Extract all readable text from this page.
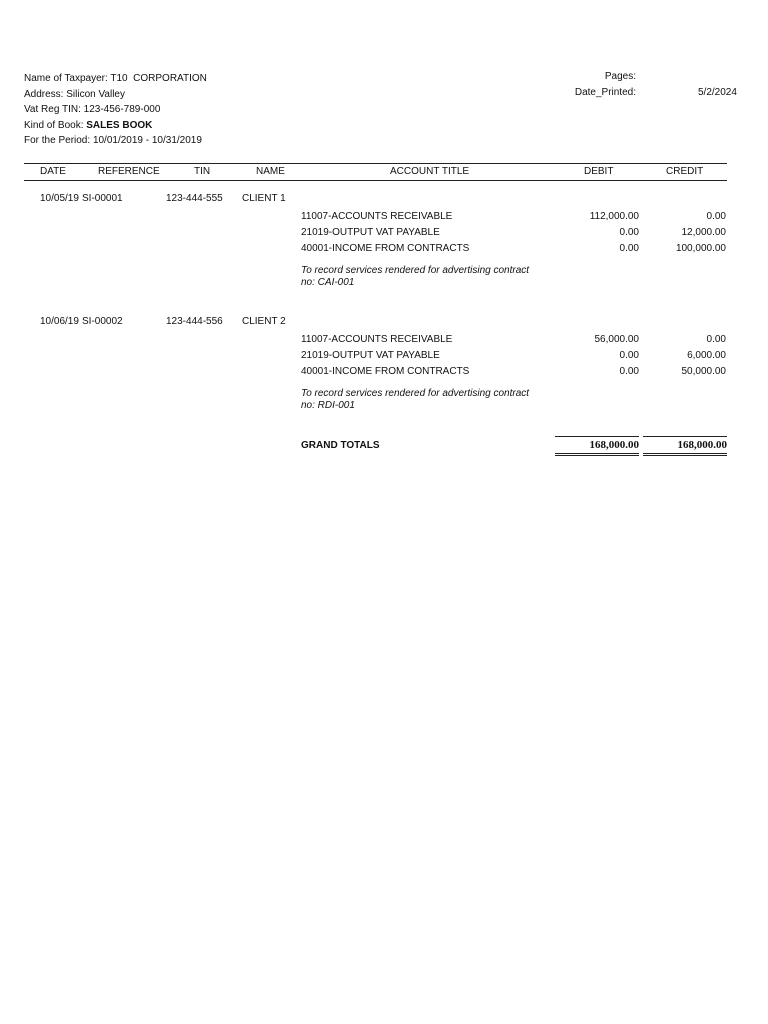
Name of Taxpayer: T10  CORPORATION
Address: Silicon Valley
Vat Reg TIN: 123-456-789-000
Kind of Book: SALES BOOK
For the Period: 10/01/2019 - 10/31/2019
Pages:
Date_Printed:	5/2/2024
DATE	REFERENCE	TIN	NAME	ACCOUNT TITLE	DEBIT	CREDIT
10/05/19 SI-00001	123-444-555 CLIENT 1
11007-ACCOUNTS RECEIVABLE	112,000.00	0.00
21019-OUTPUT VAT PAYABLE	0.00	12,000.00
40001-INCOME FROM CONTRACTS	0.00	100,000.00
To record services rendered for advertising contract no: CAI-001
10/06/19 SI-00002	123-444-556 CLIENT 2
11007-ACCOUNTS RECEIVABLE	56,000.00	0.00
21019-OUTPUT VAT PAYABLE	0.00	6,000.00
40001-INCOME FROM CONTRACTS	0.00	50,000.00
To record services rendered for advertising contract no: RDI-001
GRAND TOTALS	168,000.00	168,000.00
